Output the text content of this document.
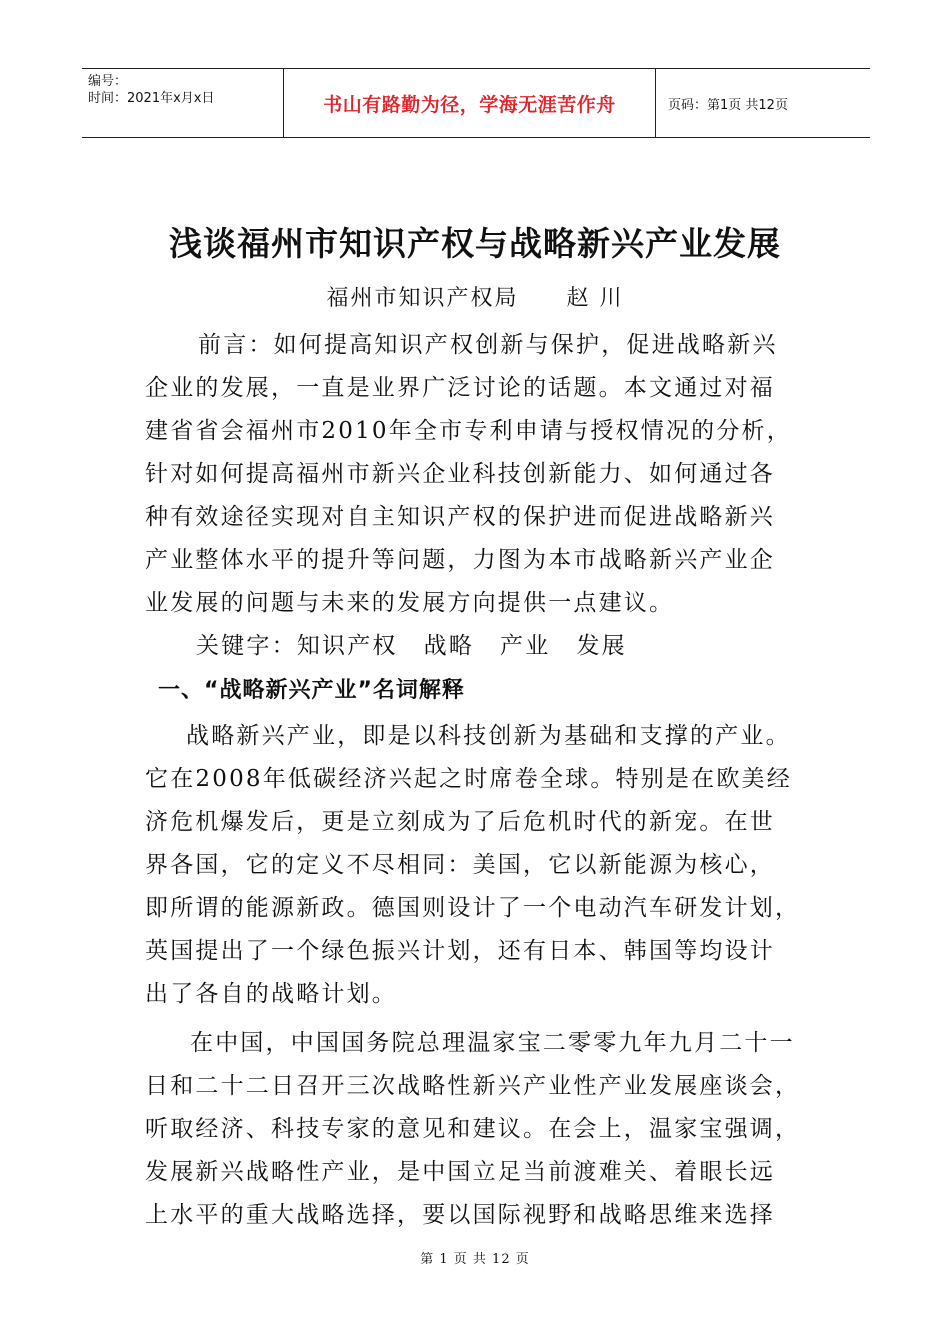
编号：
时间：2021年x月x日	书山有路勤为径，学海无涯苦作舟	页码：第1页 共12页
浅谈福州市知识产权与战略新兴产业发展
福州市知识产权局 赵 川
前言：如何提高知识产权创新与保护，促进战略新兴
企业的发展，一直是业界广泛讨论的话题。本文通过对福
建省省会福州市2010年全市专利申请与授权情况的分析，
针对如何提高福州市新兴企业科技创新能力、如何通过各
种有效途径实现对自主知识产权的保护进而促进战略新兴
产业整体水平的提升等问题，力图为本市战略新兴产业企
业发展的问题与未来的发展方向提供一点建议。
关键字：知识产权 战略 产业 发展
一、“战略新兴产业”名词解释
战略新兴产业，即是以科技创新为基础和支撑的产业。
它在2008年低碳经济兴起之时席卷全球。特别是在欧美经
济危机爆发后，更是立刻成为了后危机时代的新宠。在世
界各国，它的定义不尽相同：美国，它以新能源为核心，
即所谓的能源新政。德国则设计了一个电动汽车研发计划，
英国提出了一个绿色振兴计划，还有日本、韩国等均设计
出了各自的战略计划。
在中国，中国国务院总理温家宝二零零九年九月二十一
日和二十二日召开三次战略性新兴产业性产业发展座谈会，
听取经济、科技专家的意见和建议。在会上，温家宝强调，
发展新兴战略性产业，是中国立足当前渡难关、着眼长远
上水平的重大战略选择，要以国际视野和战略思维来选择
第 1 页 共 12 页
